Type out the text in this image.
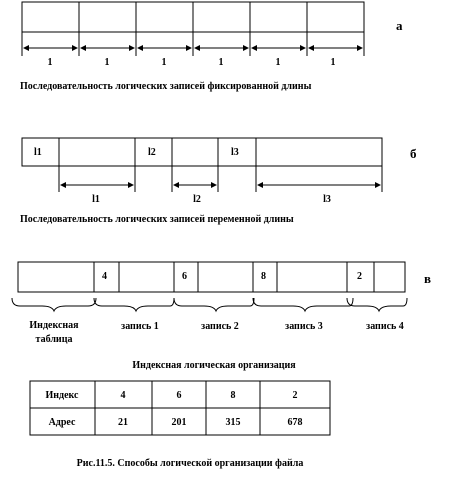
1	1	1	1	1	1
а
Последовательность логических записей фиксированной длины
l1	l2	l3
l1	l2	l3
б
Последовательность логических записей переменной длины
4	6	8	2
Индексная
таблица
запись 1	запись 2	запись 3	запись 4
в
Индексная логическая организация
Индекс	4	6	8	2
Адрес	21	201	315	678
Рис.11.5. Способы логической организации файла
